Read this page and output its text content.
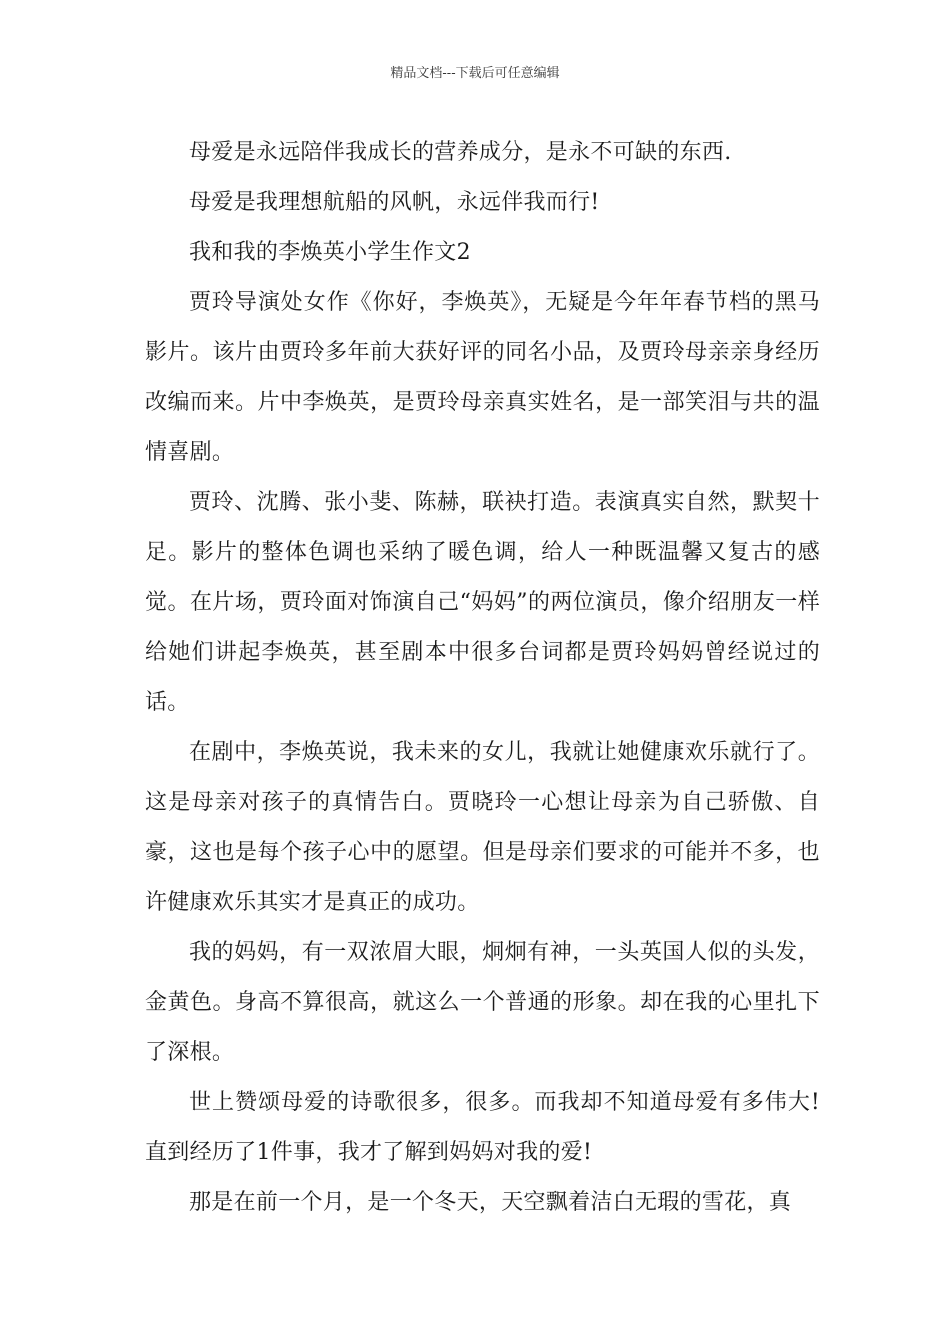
精品文档---下载后可任意编辑

母爱是永远陪伴我成长的营养成分，是永不可缺的东西.

母爱是我理想航船的风帆，永远伴我而行!

我和我的李焕英小学生作文2

贾玲导演处女作《你好，李焕英》，无疑是今年年春节档的黑马影片。该片由贾玲多年前大获好评的同名小品，及贾玲母亲亲身经历改编而来。片中李焕英，是贾玲母亲真实姓名，是一部笑泪与共的温情喜剧。

贾玲、沈腾、张小斐、陈赫，联袂打造。表演真实自然，默契十足。影片的整体色调也采纳了暖色调，给人一种既温馨又复古的感觉。在片场，贾玲面对饰演自己“妈妈”的两位演员，像介绍朋友一样给她们讲起李焕英，甚至剧本中很多台词都是贾玲妈妈曾经说过的话。

在剧中，李焕英说，我未来的女儿，我就让她健康欢乐就行了。这是母亲对孩子的真情告白。贾晓玲一心想让母亲为自己骄傲、自豪，这也是每个孩子心中的愿望。但是母亲们要求的可能并不多，也许健康欢乐其实才是真正的成功。

我的妈妈，有一双浓眉大眼，炯炯有神，一头英国人似的头发，金黄色。身高不算很高，就这么一个普通的形象。却在我的心里扎下了深根。

世上赞颂母爱的诗歌很多，很多。而我却不知道母爱有多伟大!直到经历了1件事，我才了解到妈妈对我的爱!

那是在前一个月，是一个冬天，天空飘着洁白无瑕的雪花，真
